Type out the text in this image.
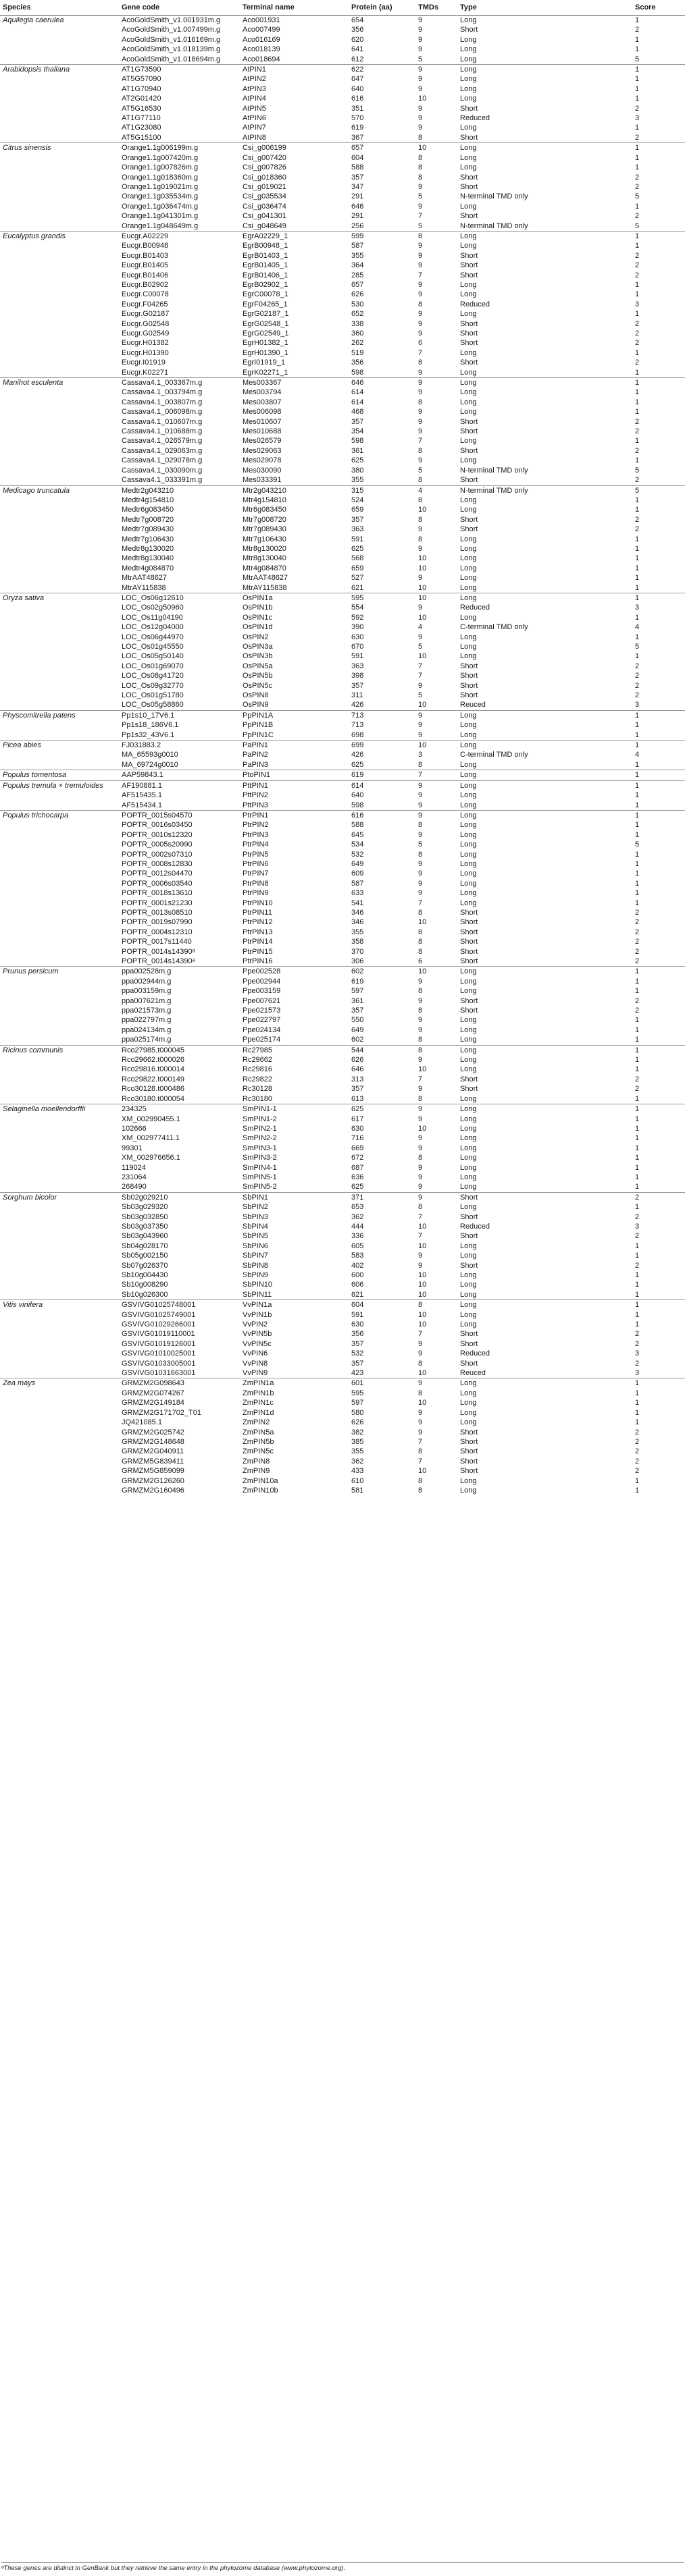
Species	Gene code	Terminal name	Protein (aa)	TMDs	Type	Score
Aquilegia caerulea	AcoGoldSmith_v1.001931m.g	Aco001931	654	9	Long	1
	AcoGoldSmith_v1.007499m.g	Aco007499	356	9	Short	2
	AcoGoldSmith_v1.016169m.g	Aco016169	620	9	Long	1
	AcoGoldSmith_v1.018139m.g	Aco018139	641	9	Long	1
	AcoGoldSmith_v1.018694m.g	Aco018694	612	5	Long	5
Arabidopsis thaliana	AT1G73590	AtPIN1	622	9	Long	1
	AT5G57090	AtPIN2	647	9	Long	1
	AT1G70940	AtPIN3	640	9	Long	1
	AT2G01420	AtPIN4	616	10	Long	1
	AT5G16530	AtPIN5	351	9	Short	2
	AT1G77110	AtPIN6	570	9	Reduced	3
	AT1G23080	AtPIN7	619	9	Long	1
	AT5G15100	AtPIN8	367	8	Short	2
Citrus sinensis	Orange1.1g006199m.g	Csi_g006199	657	10	Long	1
	Orange1.1g007420m.g	Csi_g007420	604	8	Long	1
	Orange1.1g007826m.g	Csi_g007826	588	8	Long	1
	Orange1.1g018360m.g	Csi_g018360	357	8	Short	2
	Orange1.1g019021m.g	Csi_g019021	347	9	Short	2
	Orange1.1g035534m.g	Csi_g035534	291	5	N-terminal TMD only	5
	Orange1.1g036474m.g	Csi_g036474	646	9	Long	1
	Orange1.1g041301m.g	Csi_g041301	291	7	Short	2
	Orange1.1g048649m.g	Csi_g048649	256	5	N-terminal TMD only	5
Eucalyptus grandis	Eucgr.A02229	EgrA02229_1	599	8	Long	1
	Eucgr.B00948	EgrB00948_1	587	9	Long	1
	Eucgr.B01403	EgrB01403_1	355	9	Short	2
	Eucgr.B01405	EgrB01405_1	364	9	Short	2
	Eucgr.B01406	EgrB01406_1	285	7	Short	2
	Eucgr.B02902	EgrB02902_1	657	9	Long	1
	Eucgr.C00078	EgrC00078_1	626	9	Long	1
	Eucgr.F04265	EgrF04265_1	530	8	Reduced	3
	Eucgr.G02187	EgrG02187_1	652	9	Long	1
	Eucgr.G02548	EgrG02548_1	338	9	Short	2
	Eucgr.G02549	EgrG02549_1	360	9	Short	2
	Eucgr.H01382	EgrH01382_1	262	6	Short	2
	Eucgr.H01390	EgrH01390_1	519	7	Long	1
	Eucgr.I01919	EgrI01919_1	356	8	Short	2
	Eucgr.K02271	EgrK02271_1	598	9	Long	1
Manihot esculenta	Cassava4.1_003367m.g	Mes003367	646	9	Long	1
	Cassava4.1_003794m.g	Mes003794	614	9	Long	1
	Cassava4.1_003807m.g	Mes003807	614	8	Long	1
	Cassava4.1_006098m.g	Mes006098	468	9	Long	1
	Cassava4.1_010607m.g	Mes010607	357	9	Short	2
	Cassava4.1_010688m.g	Mes010688	354	9	Short	2
	Cassava4.1_026579m.g	Mes026579	598	7	Long	1
	Cassava4.1_029063m.g	Mes029063	361	8	Short	2
	Cassava4.1_029078m.g	Mes029078	625	9	Long	1
	Cassava4.1_030090m.g	Mes030090	380	5	N-terminal TMD only	5
	Cassava4.1_033391m.g	Mes033391	355	8	Short	2
Medicago truncatula	Medtr2g043210	Mtr2g043210	315	4	N-terminal TMD only	5
	Medtr4g154810	Mtr4g154810	524	8	Long	1
	Medtr6g083450	Mtr6g083450	659	10	Long	1
	Medtr7g008720	Mtr7g008720	357	8	Short	2
	Medtr7g089430	Mtr7g089430	363	9	Short	2
	Medtr7g106430	Mtr7g106430	591	8	Long	1
	Medtr8g130020	Mtr8g130020	625	9	Long	1
	Medtr8g130040	Mtr8g130040	568	10	Long	1
	Medtr4g084870	Mtr4g084870	659	10	Long	1
	MtrAAT48627	MtrAAT48627	527	9	Long	1
	MtrAY115838	MtrAY115838	621	10	Long	1
Oryza sativa	LOC_Os06g12610	OsPIN1a	595	10	Long	1
	LOC_Os02g50960	OsPIN1b	554	9	Reduced	3
	LOC_Os11g04190	OsPIN1c	592	10	Long	1
	LOC_Os12g04000	OsPIN1d	390	4	C-terminal TMD only	4
	LOC_Os06g44970	OsPIN2	630	9	Long	1
	LOC_Os01g45550	OsPIN3a	670	5	Long	5
	LOC_Os05g50140	OsPIN3b	591	10	Long	1
	LOC_Os01g69070	OsPIN5a	363	7	Short	2
	LOC_Os08g41720	OsPIN5b	398	7	Short	2
	LOC_Os09g32770	OsPIN5c	357	9	Short	2
	LOC_Os01g51780	OsPIN8	311	5	Short	2
	LOC_Os05g58860	OsPIN9	426	10	Reuced	3
Physcomitrella patens	Pp1s10_17V6.1	PpPIN1A	713	9	Long	1
	Pp1s18_186V6.1	PpPIN1B	713	9	Long	1
	Pp1s32_43V6.1	PpPIN1C	698	9	Long	1
Picea abies	FJ031883.2	PaPIN1	699	10	Long	1
	MA_65593g0010	PaPIN2	426	3	C-terminal TMD only	4
	MA_69724g0010	PaPIN3	625	8	Long	1
Populus tomentosa	AAP59843.1	PtoPIN1	619	7	Long	1
Populus tremula × tremuloides	AF190881.1	PttPIN1	614	9	Long	1
	AF515435.1	PttPIN2	640	9	Long	1
	AF515434.1	PttPIN3	598	9	Long	1
Populus trichocarpa	POPTR_0015s04570	PtrPIN1	616	9	Long	1
	POPTR_0016s03450	PtrPIN2	588	8	Long	1
	POPTR_0010s12320	PtrPIN3	645	9	Long	1
	POPTR_0005s20990	PtrPIN4	534	5	Long	5
	POPTR_0002s07310	PtrPIN5	532	8	Long	1
	POPTR_0008s12830	PtrPIN6	649	9	Long	1
	POPTR_0012s04470	PtrPIN7	609	9	Long	1
	POPTR_0006s03540	PtrPIN8	587	9	Long	1
	POPTR_0018s13610	PtrPIN9	633	9	Long	1
	POPTR_0001s21230	PtrPIN10	541	7	Long	1
	POPTR_0013s08510	PtrPIN11	346	8	Short	2
	POPTR_0019s07990	PtrPIN12	346	10	Short	2
	POPTR_0004s12310	PtrPIN13	355	8	Short	2
	POPTR_0017s11440	PtrPIN14	358	8	Short	2
	POPTR_0014s14390ᵃ	PtrPIN15	370	8	Short	2
	POPTR_0014s14390ᵃ	PtrPIN16	306	6	Short	2
Prunus persicum	ppa002528m.g	Ppe002528	602	10	Long	1
	ppa002944m.g	Ppe002944	619	9	Long	1
	ppa003159m.g	Ppe003159	597	8	Long	1
	ppa007621m.g	Ppe007621	361	9	Short	2
	ppa021573m.g	Ppe021573	357	8	Short	2
	ppa022797m.g	Ppe022797	550	9	Long	1
	ppa024134m.g	Ppe024134	649	9	Long	1
	ppa025174m.g	Ppe025174	602	8	Long	1
Ricinus communis	Rco27985.t000045	Rc27985	544	8	Long	1
	Rco29662.t000026	Rc29662	626	9	Long	1
	Rco29816.t000014	Rc29816	646	10	Long	1
	Rco29822.t000149	Rc29822	313	7	Short	2
	Rco30128.t000486	Rc30128	357	9	Short	2
	Rco30180.t000054	Rc30180	613	8	Long	1
Selaginella moellendorffii	234325	SmPIN1-1	625	9	Long	1
	XM_002990455.1	SmPIN1-2	617	9	Long	1
	102666	SmPIN2-1	630	10	Long	1
	XM_002977411.1	SmPIN2-2	716	9	Long	1
	99301	SmPIN3-1	669	9	Long	1
	XM_002976656.1	SmPIN3-2	672	8	Long	1
	119024	SmPIN4-1	687	9	Long	1
	231064	SmPIN5-1	636	9	Long	1
	268490	SmPIN5-2	625	9	Long	1
Sorghum bicolor	Sb02g029210	SbPIN1	371	9	Short	2
	Sb03g029320	SbPIN2	653	8	Long	1
	Sb03g032850	SbPIN3	362	7	Short	2
	Sb03g037350	SbPIN4	444	10	Reduced	3
	Sb03g043960	SbPIN5	336	7	Short	2
	Sb04g028170	SbPIN6	605	10	Long	1
	Sb05g002150	SbPIN7	583	9	Long	1
	Sb07g026370	SbPIN8	402	9	Short	2
	Sb10g004430	SbPIN9	600	10	Long	1
	Sb10g008290	SbPIN10	606	10	Long	1
	Sb10g026300	SbPIN11	621	10	Long	1
Vitis vinifera	GSVIVG01025748001	VvPIN1a	604	8	Long	1
	GSVIVG01025749001	VvPIN1b	591	10	Long	1
	GSVIVG01029266001	VvPIN2	630	10	Long	1
	GSVIVG01019110001	VvPIN5b	356	7	Short	2
	GSVIVG01019126001	VvPIN5c	357	9	Short	2
	GSVIVG01010025001	VvPIN6	532	9	Reduced	3
	GSVIVG01033005001	VvPIN8	357	8	Short	2
	GSVIVG01031663001	VvPIN9	423	10	Reuced	3
Zea mays	GRMZM2G098643	ZmPIN1a	601	9	Long	1
	GRMZM2G074267	ZmPIN1b	595	8	Long	1
	GRMZM2G149184	ZmPIN1c	597	10	Long	1
	GRMZM2G171702_T01	ZmPIN1d	580	9	Long	1
	JQ421085.1	ZmPIN2	626	9	Long	1
	GRMZM2G025742	ZmPIN5a	382	9	Short	2
	GRMZM2G148648	ZmPIN5b	385	7	Short	2
	GRMZM2G040911	ZmPIN5c	355	8	Short	2
	GRMZM5G839411	ZmPIN8	362	7	Short	2
	GRMZM5G859099	ZmPIN9	433	10	Short	2
	GRMZM2G126260	ZmPIN10a	610	8	Long	1
	GRMZM2G160496	ZmPIN10b	581	8	Long	1
ᵃThese genes are distinct in GenBank but they retrieve the same entry in the phytozome database (www.phytozome.org).
